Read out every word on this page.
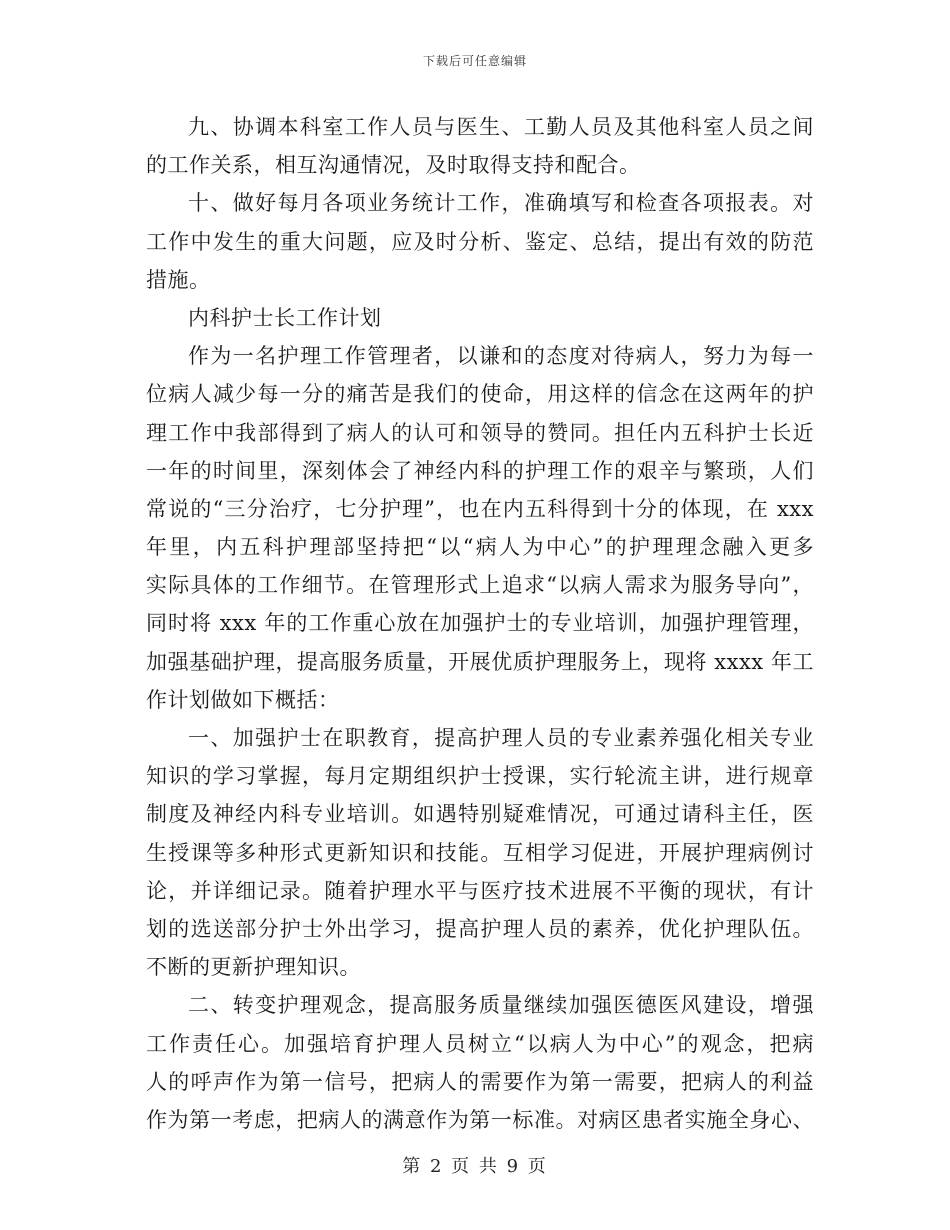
下载后可任意编辑
九、协调本科室工作人员与医生、工勤人员及其他科室人员之间
的工作关系，相互沟通情况，及时取得支持和配合。
十、做好每月各项业务统计工作，准确填写和检查各项报表。对
工作中发生的重大问题，应及时分析、鉴定、总结，提出有效的防范
措施。
内科护士长工作计划
作为一名护理工作管理者，以谦和的态度对待病人，努力为每一
位病人减少每一分的痛苦是我们的使命，用这样的信念在这两年的护
理工作中我部得到了病人的认可和领导的赞同。担任内五科护士长近
一年的时间里，深刻体会了神经内科的护理工作的艰辛与繁琐，人们
常说的“三分治疗，七分护理”，也在内五科得到十分的体现，在 xxx
年里，内五科护理部坚持把“以“病人为中心”的护理理念融入更多
实际具体的工作细节。在管理形式上追求“以病人需求为服务导向”，
同时将 xxx 年的工作重心放在加强护士的专业培训，加强护理管理，
加强基础护理，提高服务质量，开展优质护理服务上，现将 xxxx 年工
作计划做如下概括：
一、加强护士在职教育，提高护理人员的专业素养强化相关专业
知识的学习掌握，每月定期组织护士授课，实行轮流主讲，进行规章
制度及神经内科专业培训。如遇特别疑难情况，可通过请科主任，医
生授课等多种形式更新知识和技能。互相学习促进，开展护理病例讨
论，并详细记录。随着护理水平与医疗技术进展不平衡的现状，有计
划的选送部分护士外出学习，提高护理人员的素养，优化护理队伍。
不断的更新护理知识。
二、转变护理观念，提高服务质量继续加强医德医风建设，增强
工作责任心。加强培育护理人员树立“以病人为中心”的观念，把病
人的呼声作为第一信号，把病人的需要作为第一需要，把病人的利益
作为第一考虑，把病人的满意作为第一标准。对病区患者实施全身心、
第 2 页 共 9 页
